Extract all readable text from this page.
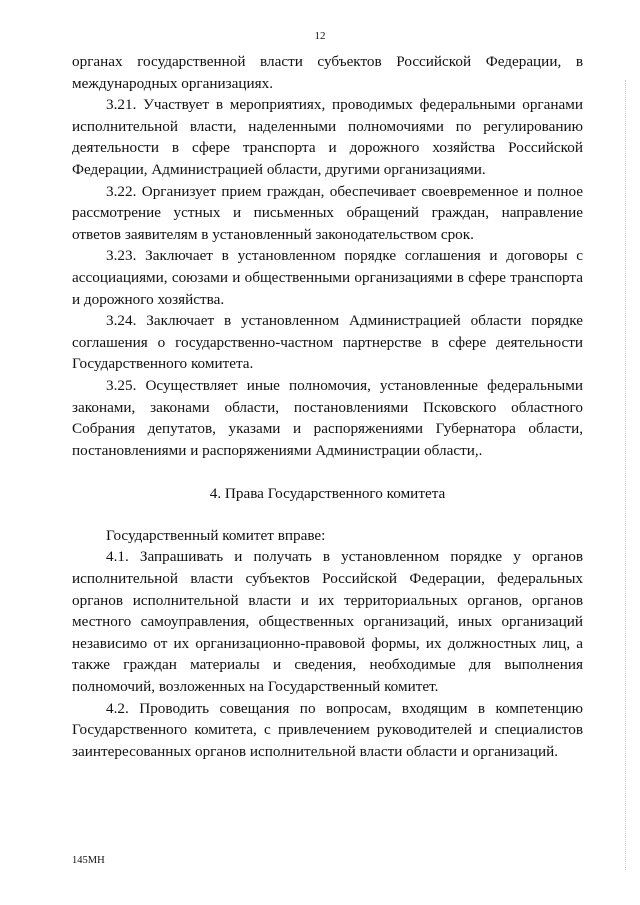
12

органах государственной власти субъектов Российской Федерации, в международных организациях.

3.21. Участвует в мероприятиях, проводимых федеральными органами исполнительной власти, наделенными полномочиями по регулированию деятельности в сфере транспорта и дорожного хозяйства Российской Федерации, Администрацией области, другими организациями.

3.22. Организует прием граждан, обеспечивает своевременное и полное рассмотрение устных и письменных обращений граждан, направление ответов заявителям в установленный законодательством срок.

3.23. Заключает в установленном порядке соглашения и договоры с ассоциациями, союзами и общественными организациями в сфере транспорта и дорожного хозяйства.

3.24. Заключает в установленном Администрацией области порядке соглашения о государственно-частном партнерстве в сфере деятельности Государственного комитета.

3.25. Осуществляет иные полномочия, установленные федеральными законами, законами области, постановлениями Псковского областного Собрания депутатов, указами и распоряжениями Губернатора области, постановлениями и распоряжениями Администрации области,.

4. Права Государственного комитета

Государственный комитет вправе:

4.1. Запрашивать и получать в установленном порядке у органов исполнительной власти субъектов Российской Федерации, федеральных органов исполнительной власти и их территориальных органов, органов местного самоуправления, общественных организаций, иных организаций независимо от их организационно-правовой формы, их должностных лиц, а также граждан материалы и сведения, необходимые для выполнения полномочий, возложенных на Государственный комитет.

4.2. Проводить совещания по вопросам, входящим в компетенцию Государственного комитета, с привлечением руководителей и специалистов заинтересованных органов исполнительной власти области и организаций.

145МН
